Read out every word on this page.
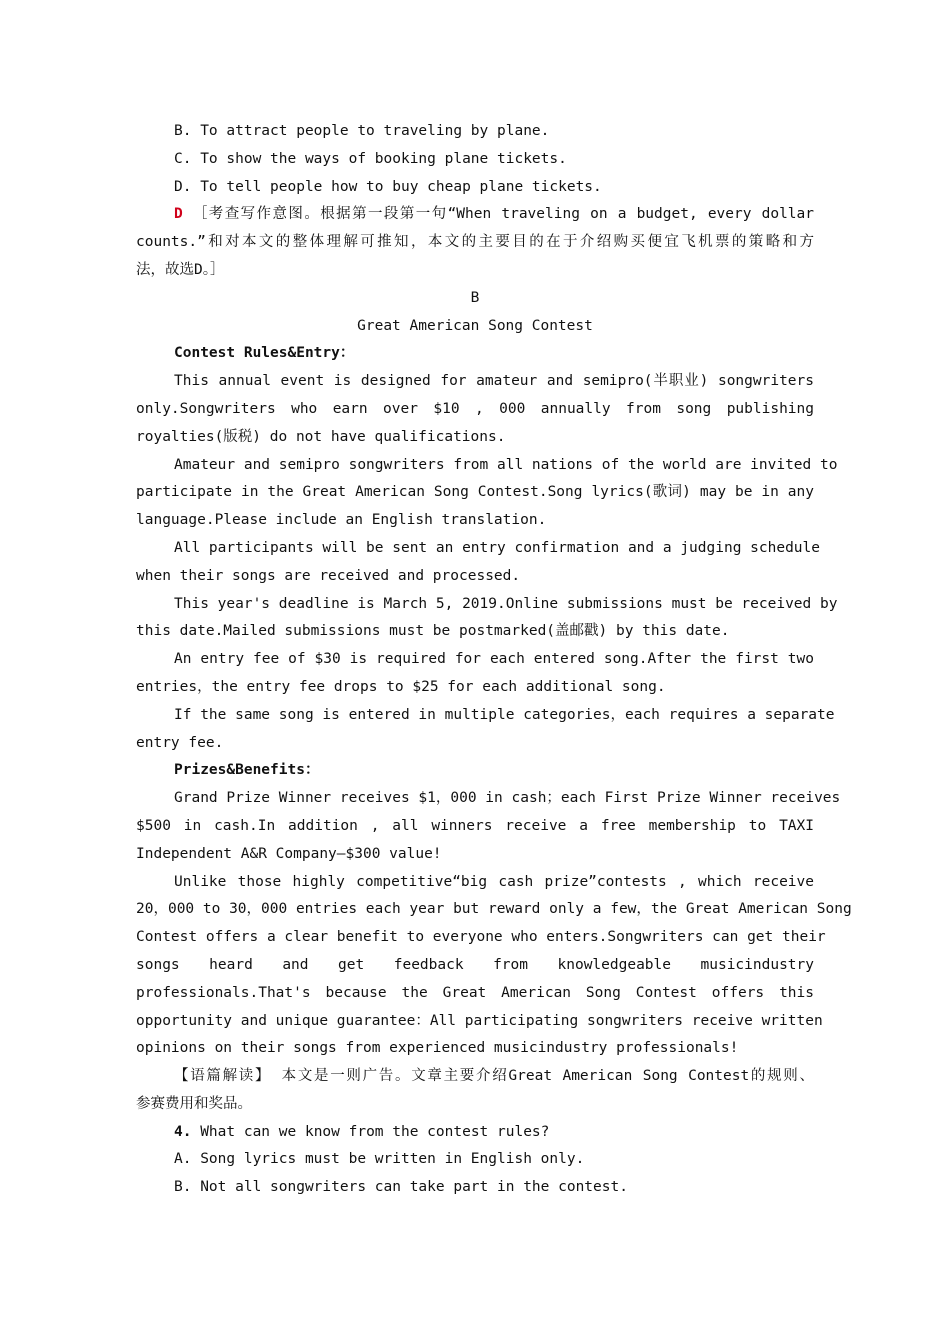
B. To attract people to traveling by plane.
C. To show the ways of booking plane tickets.
D. To tell people how to buy cheap plane tickets.
D ［考查写作意图。根据第一段第一句“When traveling on a budget, every dollar
counts.”和对本文的整体理解可推知，本文的主要目的在于介绍购买便宜飞机票的策略和方
法，故选D。］
B
Great American Song Contest
Contest Rules&Entry：
This annual event is designed for amateur and semipro(半职业) songwriters
only.Songwriters who earn over $10 , 000 annually from song publishing
royalties(版税) do not have qualifications.
Amateur and semipro songwriters from all nations of the world are invited to
participate in the Great American Song Contest.Song lyrics(歌词) may be in any
language.Please include an English translation.
All participants will be sent an entry confirmation and a judging schedule
when their songs are received and processed.
This year's deadline is March 5, 2019.Online submissions must be received by
this date.Mailed submissions must be postmarked(盖邮戳) by this date.
An entry fee of $30 is required for each entered song.After the first two
entries，the entry fee drops to $25 for each additional song.
If the same song is entered in multiple categories，each requires a separate
entry fee.
Prizes&Benefits：
Grand Prize Winner receives $1，000 in cash；each First Prize Winner receives
$500 in cash.In addition , all winners receive a free membership to TAXI
Independent A&R Company—$300 value!
Unlike those highly competitive“big cash prize”contests , which receive
20，000 to 30，000 entries each year but reward only a few，the Great American Song
Contest offers a clear benefit to everyone who enters.Songwriters can get their
songs heard and get feedback from knowledgeable musicindustry
professionals.That's because the Great American Song Contest offers this
opportunity and unique guarantee：All participating songwriters receive written
opinions on their songs from experienced musicindustry professionals!
【语篇解读】 本文是一则广告。文章主要介绍Great American Song Contest的规则、
参赛费用和奖品。
4. What can we know from the contest rules?
A. Song lyrics must be written in English only.
B. Not all songwriters can take part in the contest.
